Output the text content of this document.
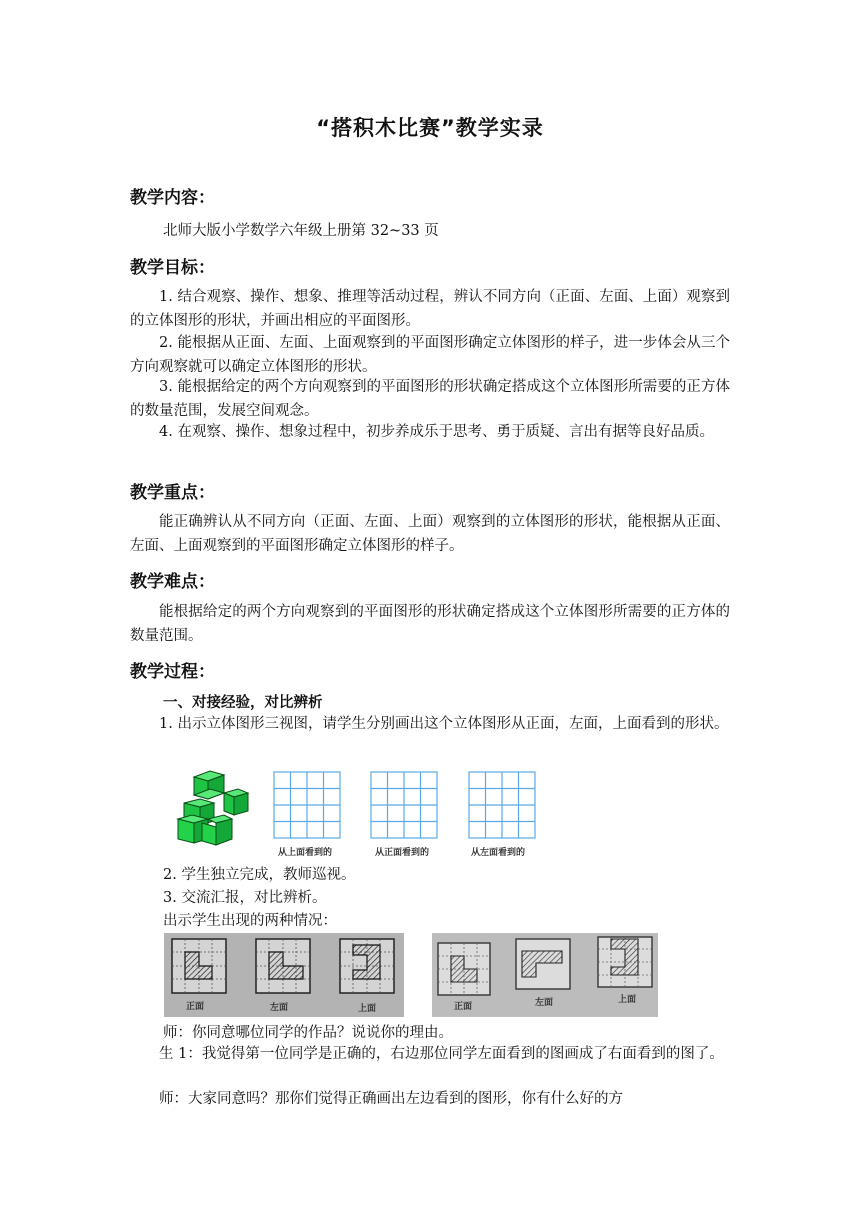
“搭积木比赛”教学实录
教学内容：
北师大版小学数学六年级上册第 32~33 页
教学目标：

1. 结合观察、操作、想象、推理等活动过程，辨认不同方向（正面、左面、上面）观察到的立体图形的形状，并画出相应的平面图形。

2. 能根据从正面、左面、上面观察到的平面图形确定立体图形的样子，进一步体会从三个方向观察就可以确定立体图形的形状。

3. 能根据给定的两个方向观察到的平面图形的形状确定搭成这个立体图形所需要的正方体的数量范围，发展空间观念。

4. 在观察、操作、想象过程中，初步养成乐于思考、勇于质疑、言出有据等良好品质。

教学重点：

能正确辨认从不同方向（正面、左面、上面）观察到的立体图形的形状，能根据从正面、左面、上面观察到的平面图形确定立体图形的样子。

教学难点：

能根据给定的两个方向观察到的平面图形的形状确定搭成这个立体图形所需要的正方体的数量范围。

教学过程：
一、对接经验，对比辨析

1. 出示立体图形三视图，请学生分别画出这个立体图形从正面，左面，上面看到的形状。

从上面看到的	从正面看到的	从左面看到的
2. 学生独立完成，教师巡视。
3. 交流汇报，对比辨析。
出示学生出现的两种情况：
正面	左面	上面	正面	左面	上面
师：你同意哪位同学的作品？说说你的理由。

生 1：我觉得第一位同学是正确的，右边那位同学左面看到的图画成了右面看到的图了。

师：大家同意吗？那你们觉得正确画出左边看到的图形，你有什么好的方
